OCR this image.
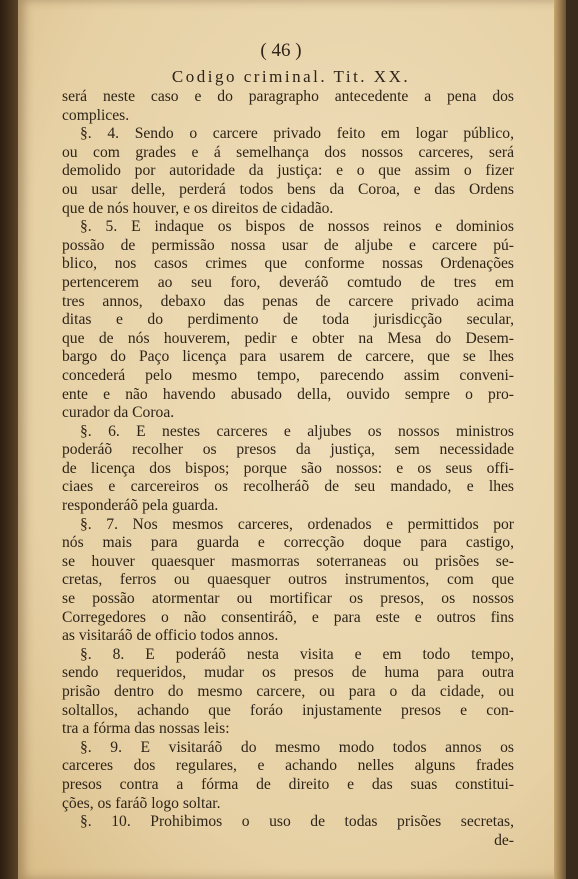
( 46 )
Codigo criminal. Tit. XX.
será neste caso e do paragrapho antecedente a pena dos
complices.
§. 4. Sendo o carcere privado feito em logar público,
ou com grades e á semelhança dos nossos carceres, será
demolido por autoridade da justiça: e o que assim o fizer
ou usar delle, perderá todos bens da Coroa, e das Ordens
que de nós houver, e os direitos de cidadão.
§. 5. E indaque os bispos de nossos reinos e dominios
possão de permissão nossa usar de aljube e carcere pú-
blico, nos casos crimes que conforme nossas Ordenações
pertencerem ao seu foro, deveráõ comtudo de tres em
tres annos, debaxo das penas de carcere privado acima
ditas e do perdimento de toda jurisdicção secular,
que de nós houverem, pedir e obter na Mesa do Desem-
bargo do Paço licença para usarem de carcere, que se lhes
concederá pelo mesmo tempo, parecendo assim conveni-
ente e não havendo abusado della, ouvido sempre o pro-
curador da Coroa.
§. 6. E nestes carceres e aljubes os nossos ministros
poderáõ recolher os presos da justiça, sem necessidade
de licença dos bispos; porque são nossos: e os seus offi-
ciaes e carcereiros os recolheráõ de seu mandado, e lhes
responderáõ pela guarda.
§. 7. Nos mesmos carceres, ordenados e permittidos por
nós mais para guarda e correcção doque para castigo,
se houver quaesquer masmorras soterraneas ou prisões se-
cretas, ferros ou quaesquer outros instrumentos, com que
se possão atormentar ou mortificar os presos, os nossos
Corregedores o não consentiráõ, e para este e outros fins
as visitaráõ de officio todos annos.
§. 8. E poderáõ nesta visita e em todo tempo,
sendo requeridos, mudar os presos de huma para outra
prisão dentro do mesmo carcere, ou para o da cidade, ou
soltallos, achando que foráo injustamente presos e con-
tra a fórma das nossas leis:
§. 9. E visitaráõ do mesmo modo todos annos os
carceres dos regulares, e achando nelles alguns frades
presos contra a fórma de direito e das suas constitui-
ções, os faráõ logo soltar.
§. 10. Prohibimos o uso de todas prisões secretas,
de-
